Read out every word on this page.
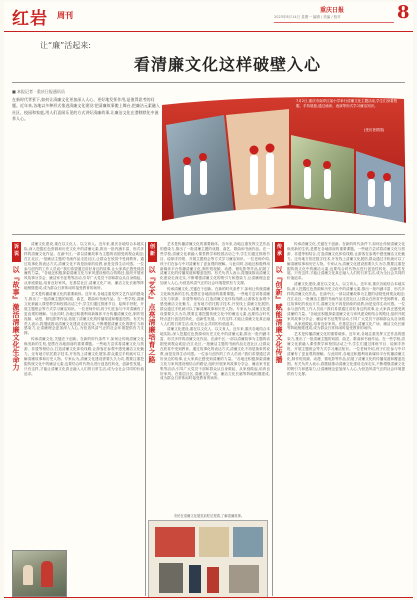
红岩 周刊
重庆日报	8
2023年8月14日 星期一 编辑 / 美编 / 校对
让“廉”活起来:
看清廉文化这样破壁入心
■ 本报记者 · 重庆日报通讯员
在新时代背景下,如何让清廉文化更加深入人心、更好地发挥作用,是值得思考的问题。近年来,各地以多种形式推进清廉文化建设:把清廉故事搬上舞台,把廉洁元素融入社区、校园和家庭,用人们喜闻乐见的方式讲好清廉故事,让廉洁文化在潜移默化中滋养人心。
7月2日,重庆市南岸区某小学举行清廉文化主题活动,学生们身着校服、手持展板,通过诵读、表演等形式学习廉洁知识。
(受访者供图)
诉说
以『故事』激活清廉文化生命力

清廉文化建设,重在以文化人、以文育人。近年来,重庆各地结合本地实际,深入挖掘红色资源和历史文化中的清廉元素,推出一批内涵丰富、形式多样的清廉文化作品。在渝中区,一部以清廉故事为主题的话剧受到观众欢迎;在江北区,一批廉洁主题的书画作品走进社区,让群众在欣赏中受到教育。通过故事化的表达方式,清廉文化不再是抽象的说教,而是变得生动可感。一位参与创作的工作人员说:“我们希望通过讲好身边的故事,让大家真正感受到清廉的力量。”各地还积极探索清廉文化与家风建设相结合的路径,组织开展家风故事分享会、廉洁家书征集等活动,引导广大党员干部和群众从自身做起、从家庭做起,培育良好家风。在基层社区,清廉文化广场、廉洁文化长廊等阵地相继建成,成为群众日常休闲时接受教育的场所。

艺术是传播清廉文化的重要载体。近年来,各地注重发挥文艺作品的感染力,推出了一批清廉主题的戏剧、曲艺、歌曲和书画作品。在一些学校,清廉文化被融入课堂教学和校园活动之中,学生们通过排练节目、绘制手抄报、开展主题班会等方式学习廉洁知识。一位老师介绍,孩子们在参与中对清廉有了更直观的理解。与此同时,各地还积极利用新媒体平台传播清廉文化,制作短视频、动漫、微电影等作品,拓展了清廉文化的传播渠道和覆盖范围。有关负责人表示,将继续推动清廉文化建设走深走实,不断增强清廉文化的吸引力和感染力,让清廉理念更加深入人心,为营造风清气正的社会环境提供有力支撑。

传承清廉文化,关键在于创新。在新的时代条件下,如何让传统清廉文化焕发新的生机,是摆在各地面前的重要课题。一些地方尝试将清廉文化与旅游、非遗等相结合,打造清廉文化体验线路,让游客在参观中感受廉洁文化魅力。还有地方依托数字技术,开发线上清廉文化展馆,群众通过手机就可以了解清廉故事和历史人物。专家认为,清廉文化建设需要久久为功,既要注重挖掘传统文化中的廉洁元素,也要结合时代特点进行创造性转化、创新性发展。只有这样,才能让清廉文化真正融入人们的日常生活,成为全社会共同的价值追求。

创新
以『艺术』点亮清廉培育之路

艺术是传播清廉文化的重要载体。近年来,各地注重发挥文艺作品的感染力,推出了一批清廉主题的戏剧、曲艺、歌曲和书画作品。在一些学校,清廉文化被融入课堂教学和校园活动之中,学生们通过排练节目、绘制手抄报、开展主题班会等方式学习廉洁知识。一位老师介绍,孩子们在参与中对清廉有了更直观的理解。与此同时,各地还积极利用新媒体平台传播清廉文化,制作短视频、动漫、微电影等作品,拓展了清廉文化的传播渠道和覆盖范围。有关负责人表示,将继续推动清廉文化建设走深走实,不断增强清廉文化的吸引力和感染力,让清廉理念更加深入人心,为营造风清气正的社会环境提供有力支撑。

传承清廉文化,关键在于创新。在新的时代条件下,如何让传统清廉文化焕发新的生机,是摆在各地面前的重要课题。一些地方尝试将清廉文化与旅游、非遗等相结合,打造清廉文化体验线路,让游客在参观中感受廉洁文化魅力。还有地方依托数字技术,开发线上清廉文化展馆,群众通过手机就可以了解清廉故事和历史人物。专家认为,清廉文化建设需要久久为功,既要注重挖掘传统文化中的廉洁元素,也要结合时代特点进行创造性转化、创新性发展。只有这样,才能让清廉文化真正融入人们的日常生活,成为全社会共同的价值追求。

清廉文化建设,重在以文化人、以文育人。近年来,重庆各地结合本地实际,深入挖掘红色资源和历史文化中的清廉元素,推出一批内涵丰富、形式多样的清廉文化作品。在渝中区,一部以清廉故事为主题的话剧受到观众欢迎;在江北区,一批廉洁主题的书画作品走进社区,让群众在欣赏中受到教育。通过故事化的表达方式,清廉文化不再是抽象的说教,而是变得生动可感。一位参与创作的工作人员说:“我们希望通过讲好身边的故事,让大家真正感受到清廉的力量。”各地还积极探索清廉文化与家风建设相结合的路径,组织开展家风故事分享会、廉洁家书征集等活动,引导广大党员干部和群众从自身做起、从家庭做起,培育良好家风。在基层社区,清廉文化广场、廉洁文化长廊等阵地相继建成,成为群众日常休闲时接受教育的场所。

市民在清廉文化展览前驻足观看,了解清廉故事。
传承
以『创新』赋能清廉文化传播

传承清廉文化,关键在于创新。在新的时代条件下,如何让传统清廉文化焕发新的生机,是摆在各地面前的重要课题。一些地方尝试将清廉文化与旅游、非遗等相结合,打造清廉文化体验线路,让游客在参观中感受廉洁文化魅力。还有地方依托数字技术,开发线上清廉文化展馆,群众通过手机就可以了解清廉故事和历史人物。专家认为,清廉文化建设需要久久为功,既要注重挖掘传统文化中的廉洁元素,也要结合时代特点进行创造性转化、创新性发展。只有这样,才能让清廉文化真正融入人们的日常生活,成为全社会共同的价值追求。

清廉文化建设,重在以文化人、以文育人。近年来,重庆各地结合本地实际,深入挖掘红色资源和历史文化中的清廉元素,推出一批内涵丰富、形式多样的清廉文化作品。在渝中区,一部以清廉故事为主题的话剧受到观众欢迎;在江北区,一批廉洁主题的书画作品走进社区,让群众在欣赏中受到教育。通过故事化的表达方式,清廉文化不再是抽象的说教,而是变得生动可感。一位参与创作的工作人员说:“我们希望通过讲好身边的故事,让大家真正感受到清廉的力量。”各地还积极探索清廉文化与家风建设相结合的路径,组织开展家风故事分享会、廉洁家书征集等活动,引导广大党员干部和群众从自身做起、从家庭做起,培育良好家风。在基层社区,清廉文化广场、廉洁文化长廊等阵地相继建成,成为群众日常休闲时接受教育的场所。

艺术是传播清廉文化的重要载体。近年来,各地注重发挥文艺作品的感染力,推出了一批清廉主题的戏剧、曲艺、歌曲和书画作品。在一些学校,清廉文化被融入课堂教学和校园活动之中,学生们通过排练节目、绘制手抄报、开展主题班会等方式学习廉洁知识。一位老师介绍,孩子们在参与中对清廉有了更直观的理解。与此同时,各地还积极利用新媒体平台传播清廉文化,制作短视频、动漫、微电影等作品,拓展了清廉文化的传播渠道和覆盖范围。有关负责人表示,将继续推动清廉文化建设走深走实,不断增强清廉文化的吸引力和感染力,让清廉理念更加深入人心,为营造风清气正的社会环境提供有力支撑。
